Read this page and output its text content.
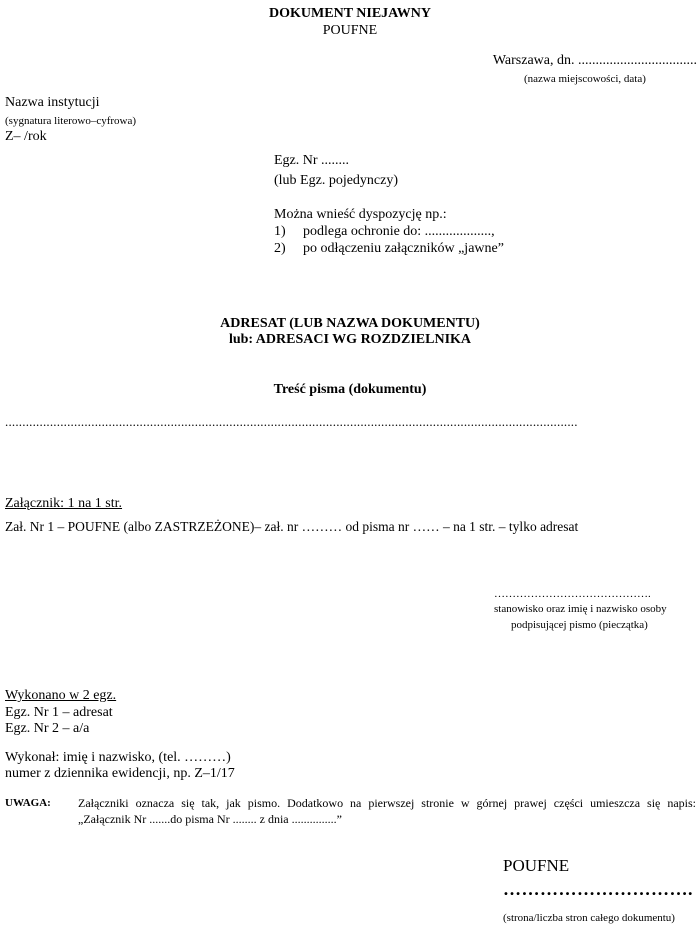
DOKUMENT NIEJAWNY
POUFNE
Warszawa, dn. ..................................
(nazwa miejscowości, data)
Nazwa instytucji
(sygnatura literowo–cyfrowa)
Z– /rok
Egz. Nr ........
(lub Egz. pojedynczy)
Można wnieść dyspozycję np.:
1) podlega ochronie do: ...................,
2) po odłączeniu załączników „jawne”
ADRESAT (LUB NAZWA DOKUMENTU)
lub: ADRESACI WG ROZDZIELNIKA
Treść pisma (dokumentu)
......................................................................................................................................................................
Załącznik: 1 na 1 str.
Zał. Nr 1 – POUFNE (albo ZASTRZEŻONE)– zał. nr ……… od pisma nr …… – na 1 str. – tylko adresat
…………………………………….
stanowisko oraz imię i nazwisko osoby
podpisującej pismo (pieczątka)
Wykonano w 2 egz.
Egz. Nr 1 – adresat
Egz. Nr 2 – a/a
Wykonał: imię i nazwisko, (tel. ………)
numer z dziennika ewidencji, np. Z–1/17
UWAGA: Załączniki oznacza się tak, jak pismo. Dodatkowo na pierwszej stronie w górnej prawej części umieszcza się napis:
„Załącznik Nr .......do pisma Nr ........ z dnia ...............”
POUFNE
………………………….
(strona/liczba stron całego dokumentu)
